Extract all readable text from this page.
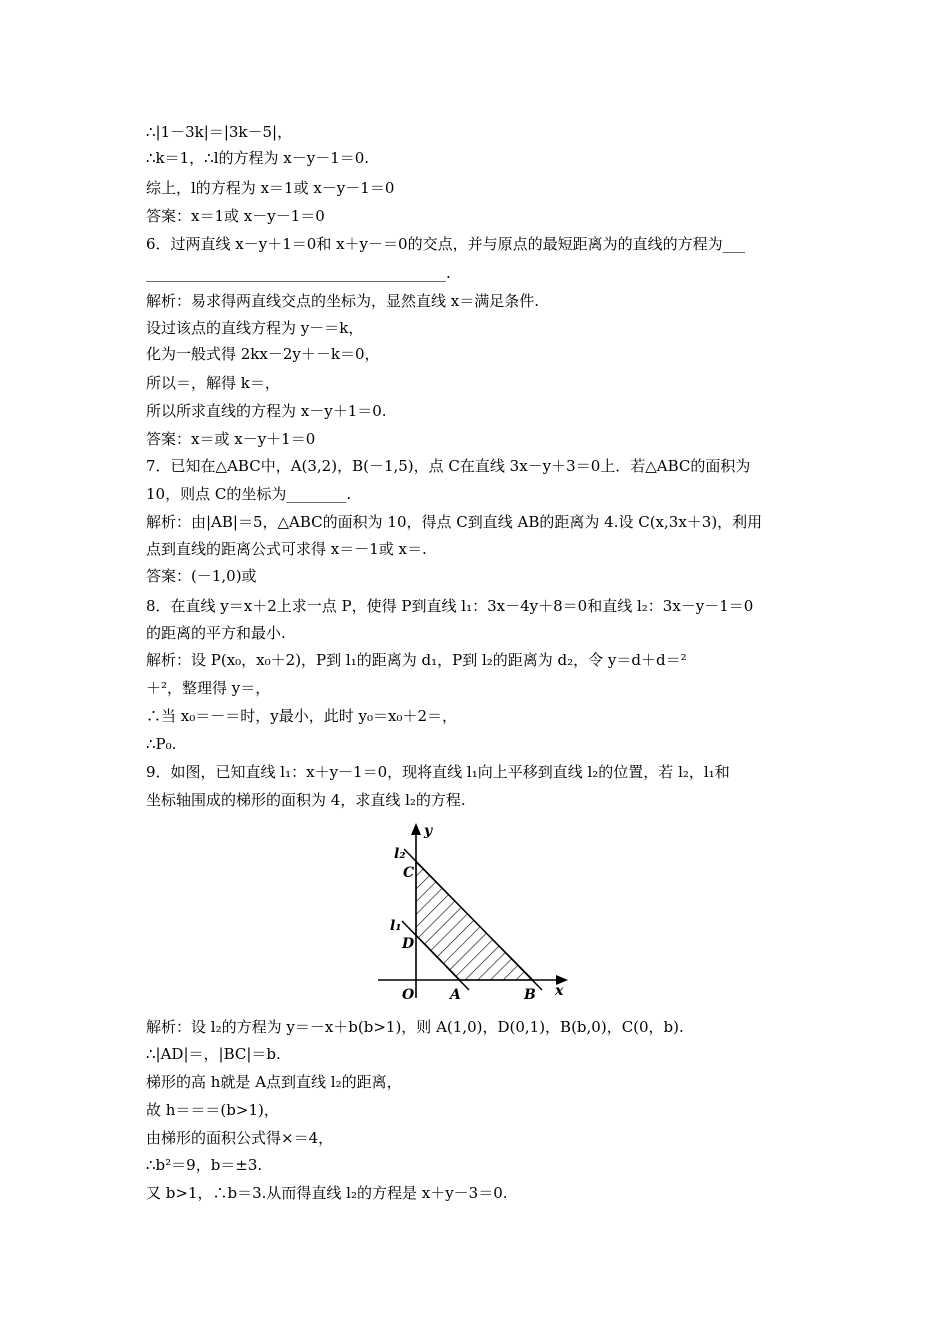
∴|1－3k|＝|3k－5|，
∴k＝1，∴l的方程为 x－y－1＝0.
综上，l的方程为 x＝1或 x－y－1＝0
答案：x＝1或 x－y－1＝0
6．过两直线 x－y＋1＝0和 x＋y－＝0的交点，并与原点的最短距离为的直线的方程为___
________________________________________.
解析：易求得两直线交点的坐标为，显然直线 x＝满足条件.
设过该点的直线方程为 y－＝k，
化为一般式得 2kx－2y＋－k＝0，
所以＝，解得 k＝，
所以所求直线的方程为 x－y＋1＝0.
答案：x＝或 x－y＋1＝0
7．已知在△ABC中，A(3,2)，B(－1,5)，点 C在直线 3x－y＋3＝0上．若△ABC的面积为
10，则点 C的坐标为________.
解析：由|AB|＝5，△ABC的面积为 10，得点 C到直线 AB的距离为 4.设 C(x,3x＋3)，利用
点到直线的距离公式可求得 x＝－1或 x＝.
答案：(－1,0)或
8．在直线 y＝x＋2上求一点 P，使得 P到直线 l₁：3x－4y＋8＝0和直线 l₂：3x－y－1＝0
的距离的平方和最小.
解析：设 P(x₀，x₀＋2)，P到 l₁的距离为 d₁，P到 l₂的距离为 d₂，令 y＝d＋d＝²
＋²，整理得 y＝，
∴当 x₀＝－＝时，y最小，此时 y₀＝x₀＋2＝，
∴P₀.
9．如图，已知直线 l₁：x＋y－1＝0，现将直线 l₁向上平移到直线 l₂的位置，若 l₂，l₁和
坐标轴围成的梯形的面积为 4，求直线 l₂的方程.
y
x
l₂
C
l₁
D
O	A	B
解析：设 l₂的方程为 y＝－x＋b(b>1)，则 A(1,0)，D(0,1)，B(b,0)，C(0，b).
∴|AD|＝，|BC|＝b.
梯形的高 h就是 A点到直线 l₂的距离，
故 h＝＝＝(b>1)，
由梯形的面积公式得×＝4，
∴b²＝9，b＝±3.
又 b>1，∴b＝3.从而得直线 l₂的方程是 x＋y－3＝0.
